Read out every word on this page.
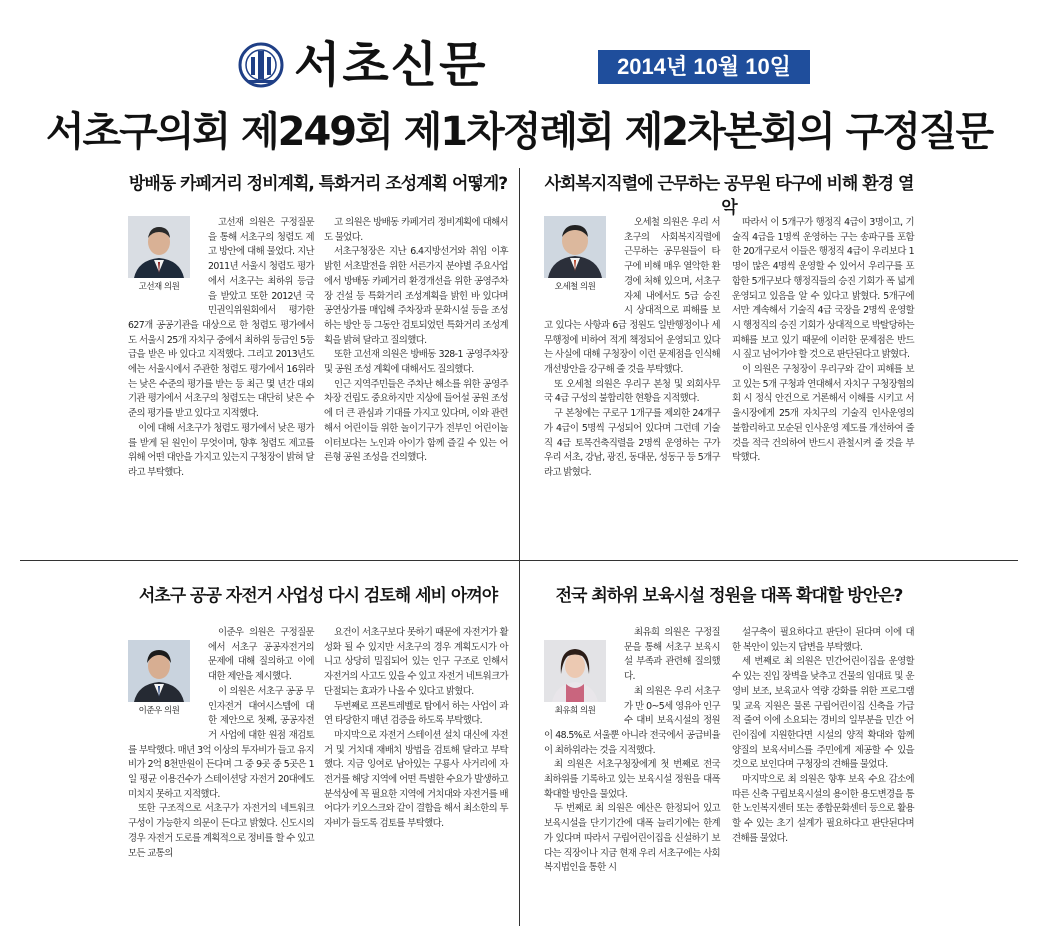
서초신문	2014년 10월 10일
서초구의회 제249회 제1차정례회 제2차본회의 구정질문
방배동 카페거리 정비계획, 특화거리 조성계획 어떻게?
고선재 의원

고선재 의원은 구정질문을 통해 서초구의 청렴도 제고 방안에 대해 물었다. 지난 2011년 서울시 청렴도 평가에서 서초구는 최하위 등급을 받았고 또한 2012년 국민권익위원회에서 평가한 627개 공공기관을 대상으로 한 청렴도 평가에서도 서울시 25개 자치구 중에서 최하위 등급인 5등급을 받은 바 있다고 지적했다. 그리고 2013년도에는 서울시에서 주관한 청렴도 평가에서 16위라는 낮은 수준의 평가를 받는 등 최근 몇 년간 대외기관 평가에서 서초구의 청렴도는 대단히 낮은 수준의 평가를 받고 있다고 지적했다.

이에 대해 서초구가 청렴도 평가에서 낮은 평가를 받게 된 원인이 무엇이며, 향후 청렴도 제고를 위해 어떤 대안을 가지고 있는지 구청장이 밝혀 달라고 부탁했다.

고 의원은 방배동 카페거리 정비계획에 대해서도 물었다.

서초구청장은 지난 6.4지방선거와 취임 이후 밝힌 서초발전을 위한 서른가지 분야별 주요사업에서 방배동 카페거리 환경개선을 위한 공영주차장 건설 등 특화거리 조성계획을 밝힌 바 있다며 공연상가를 매입해 주차장과 문화시설 등을 조성하는 방안 등 그동안 검토되었던 특화거리 조성계획을 밝혀 달라고 질의했다.

또한 고선재 의원은 방배동 328-1 공영주차장 및 공원 조성 계획에 대해서도 질의했다.

인근 지역주민들은 주차난 해소를 위한 공영주차장 건립도 중요하지만 지상에 들어설 공원 조성에 더 큰 관심과 기대를 가지고 있다며, 이와 관련해서 어린이들 위한 놀이기구가 전부인 어린이놀이터보다는 노인과 아이가 함께 즐길 수 있는 어른형 공원 조성을 건의했다.

사회복지직렬에 근무하는 공무원 타구에 비해 환경 열악
오세철 의원

오세철 의원은 우리 서초구의 사회복지직렬에 근무하는 공무원들이 타구에 비해 매우 열악한 환경에 처해 있으며, 서초구 자체 내에서도 5급 승진시 상대적으로 피해를 보고 있다는 사항과 6급 정원도 일반행정이나 세무행정에 비하여 적게 책정되어 운영되고 있다는 사실에 대해 구청장이 이런 문제점을 인식해 개선방안을 강구해 줄 것을 부탁했다.

또 오세철 의원은 우리구 본청 및 외회사무국 4급 구성의 불합리한 현황을 지적했다.

구 본청에는 구로구 1개구를 제외한 24개구가 4급이 5명씩 구성되어 있다며 그런데 기술직 4급 토목건축직렬을 2명씩 운영하는 구가 우리 서초, 강남, 광진, 동대문, 성동구 등 5개구라고 밝혔다.

따라서 이 5개구가 행정직 4급이 3명이고, 기술직 4급을 1명씩 운영하는 구는 송파구를 포함한 20개구로서 이들은 행정직 4급이 우리보다 1명이 많은 4명씩 운영할 수 있어서 우리구를 포함한 5개구보다 행정직들의 승진 기회가 폭 넓게 운영되고 있음을 알 수 있다고 밝혔다. 5개구에서만 계속해서 기술직 4급 국장을 2명씩 운영할 시 행정직의 승진 기회가 상대적으로 박탈당하는 피해를 보고 있기 때문에 이러한 문제점은 반드시 짚고 넘어가야 할 것으로 판단된다고 밝혔다.

이 의원은 구청장이 우리구와 같이 피해를 보고 있는 5개 구청과 연대해서 자치구 구청장협의회 시 정식 안건으로 거론해서 이해를 시키고 서울시장에게 25개 자치구의 기술직 인사운영의 불합리하고 모순된 인사운영 제도를 개선하여 줄 것을 적극 건의하여 반드시 관철시켜 줄 것을 부탁했다.

서초구 공공 자전거 사업성 다시 검토해 세비 아껴야
이준우 의원

이준우 의원은 구정질문에서 서초구 공공자전거의 문제에 대해 질의하고 이에 대한 제안을 제시했다.

이 의원은 서초구 공공 무인자전거 대여시스템에 대한 제안으로 첫째, 공공자전거 사업에 대한 원점 재검토를 부탁했다. 매년 3억 이상의 투자비가 들고 유지비가 2억 8천만원이 든다며 그 중 9곳 중 5곳은 1일 평균 이용건수가 스테이션당 자전거 20대에도 미치지 못하고 지적했다.

또한 구조적으로 서초구가 자전거의 네트워크 구성이 가능한지 의문이 든다고 밝혔다. 신도시의 경우 자전거 도로를 계획적으로 정비를 할 수 있고 모든 교통의

요건이 서초구보다 못하기 때문에 자전거가 활성화 될 수 있지만 서초구의 경우 계획도시가 아니고 상당히 밀집되어 있는 인구 구조로 인해서 자전거의 사고도 있을 수 있고 자전거 네트워크가 단절되는 효과가 나올 수 있다고 밝혔다.

두번째로 프론트레벨로 탑에서 하는 사업이 과연 타당한지 매년 검증을 하도록 부탁했다.

마지막으로 자전거 스테이션 설치 대신에 자전거 및 거치대 재배치 방법을 검토해 달라고 부탁했다. 지금 잉여로 남아있는 구룡사 사거리에 자전거를 해당 지역에 어떤 특별한 수요가 발생하고 분석상에 꼭 필요한 지역에 거치대와 자전거를 배어다가 키오스크와 같이 결합을 해서 최소한의 투자비가 들도록 검토를 부탁했다.

전국 최하위 보육시설 정원을 대폭 확대할 방안은?
최유희 의원

최유희 의원은 구정질문을 통해 서초구 보육시설 부족과 관련해 질의했다.

최 의원은 우리 서초구가 만 0~5세 영유아 인구수 대비 보육시설의 정원이 48.5%로 서울뿐 아니라 전국에서 공급비율이 최하위라는 것을 지적했다.

최 의원은 서초구청장에게 첫 번째로 전국 최하위를 기록하고 있는 보육시설 정원을 대폭 확대할 방안을 물었다.

두 번째로 최 의원은 예산은 한정되어 있고 보육시설을 단기기간에 대폭 늘리기에는 한계가 있다며 따라서 구립어린이집을 신설하기 보다는 직장이나 지금 현재 우리 서초구에는 사회복지법인을 통한 시

설구축이 필요하다고 판단이 된다며 이에 대한 복안이 있는지 답변을 부탁했다.

세 번째로 최 의원은 민간어린이집을 운영할 수 있는 진입 장벽을 낮추고 건물의 임대료 및 운영비 보조, 보육교사 역량 강화를 위한 프로그램 및 교육 지원은 물론 구립어린이집 신축을 가급적 줄여 이에 소요되는 경비의 일부분을 민간 어린이집에 지원한다면 시설의 양적 확대와 함께 양질의 보육서비스를 주민에게 제공할 수 있을 것으로 보인다며 구청장의 견해를 물었다.

마지막으로 최 의원은 향후 보육 수요 감소에 따른 신축 구립보육시설의 용이한 용도변경을 통한 노인복지센터 또는 종합문화센터 등으로 활용할 수 있는 초기 설계가 필요하다고 판단된다며 견해를 물었다.
